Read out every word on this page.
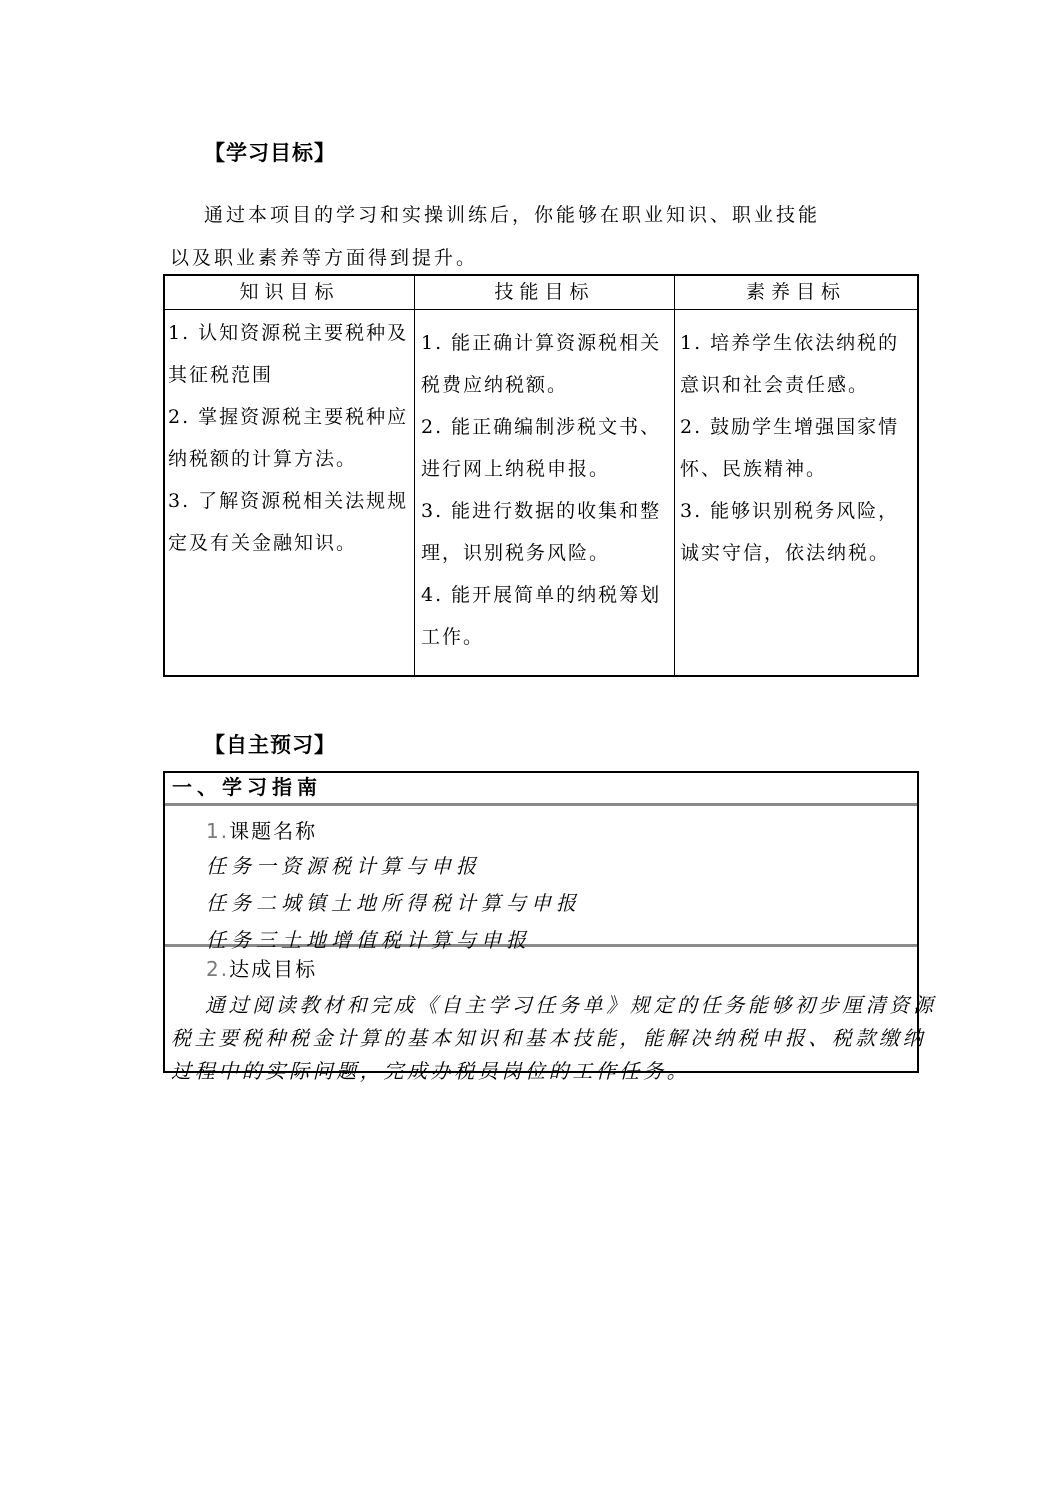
【学习目标】
通过本项目的学习和实操训练后，你能够在职业知识、职业技能
以及职业素养等方面得到提升。
知识目标	技能目标	素养目标
1. 认知资源税主要税种及其征税范围
2. 掌握资源税主要税种应纳税额的计算方法。
3. 了解资源税相关法规规定及有关金融知识。
1. 能正确计算资源税相关税费应纳税额。
2. 能正确编制涉税文书、进行网上纳税申报。
3. 能进行数据的收集和整理，识别税务风险。
4. 能开展简单的纳税筹划工作。
1. 培养学生依法纳税的意识和社会责任感。
2. 鼓励学生增强国家情怀、民族精神。
3. 能够识别税务风险，诚实守信，依法纳税。
【自主预习】
一、学习指南
1.课题名称
任务一资源税计算与申报
任务二城镇土地所得税计算与申报
任务三土地增值税计算与申报
2.达成目标
通过阅读教材和完成《自主学习任务单》规定的任务能够初步厘清资源
税主要税种税金计算的基本知识和基本技能，能解决纳税申报、税款缴纳
过程中的实际问题，完成办税员岗位的工作任务。
